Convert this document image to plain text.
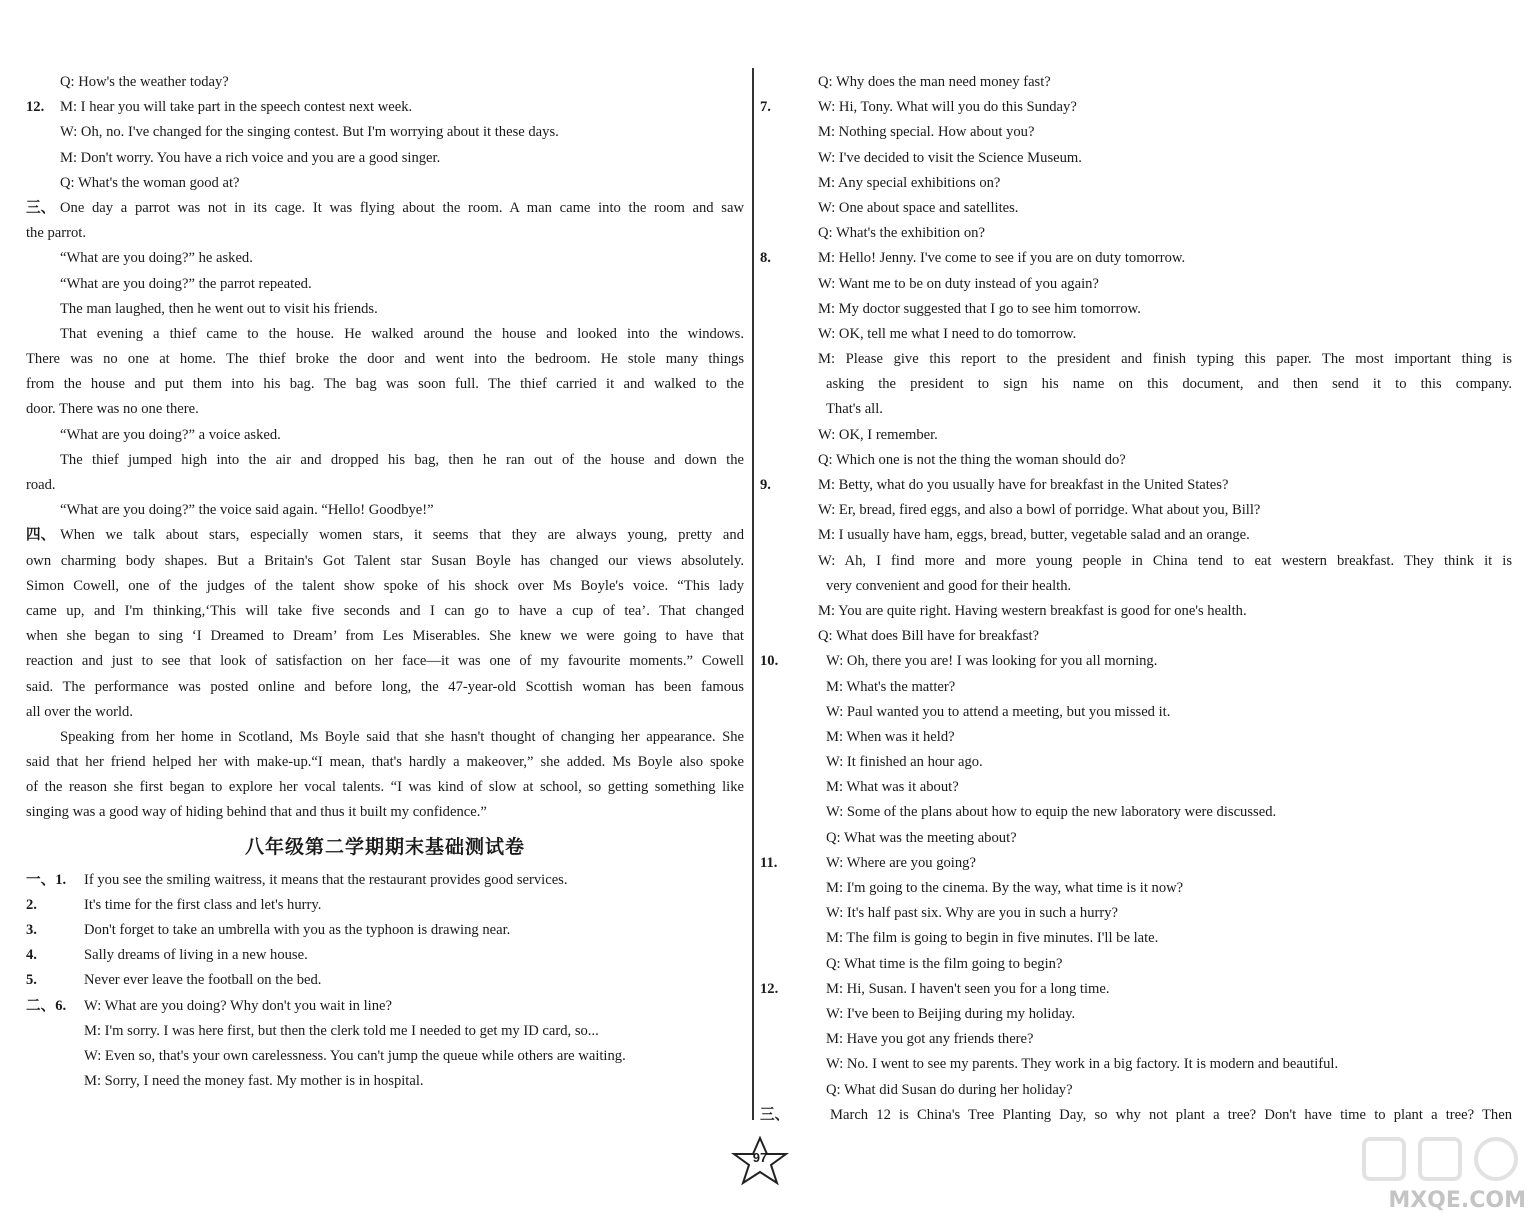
Q: How's the weather today?
12. M: I hear you will take part in the speech contest next week.
W: Oh, no. I've changed for the singing contest. But I'm worrying about it these days.
M: Don't worry. You have a rich voice and you are a good singer.
Q: What's the woman good at?
三、 One day a parrot was not in its cage. It was flying about the room. A man came into the room and saw
the parrot.
“What are you doing?” he asked.
“What are you doing?” the parrot repeated.
The man laughed, then he went out to visit his friends.
That evening a thief came to the house. He walked around the house and looked into the windows.
There was no one at home. The thief broke the door and went into the bedroom. He stole many things
from the house and put them into his bag. The bag was soon full. The thief carried it and walked to the
door. There was no one there.
“What are you doing?” a voice asked.
The thief jumped high into the air and dropped his bag, then he ran out of the house and down the
road.
“What are you doing?” the voice said again. “Hello! Goodbye!”
四、 When we talk about stars, especially women stars, it seems that they are always young, pretty and
own charming body shapes. But a Britain's Got Talent star Susan Boyle has changed our views absolutely.
Simon Cowell, one of the judges of the talent show spoke of his shock over Ms Boyle's voice. “This lady
came up, and I'm thinking,‘This will take five seconds and I can go to have a cup of tea’. That changed
when she began to sing ‘I Dreamed to Dream’ from Les Miserables. She knew we were going to have that
reaction and just to see that look of satisfaction on her face—it was one of my favourite moments.” Cowell
said. The performance was posted online and before long, the 47-year-old Scottish woman has been famous
all over the world.
Speaking from her home in Scotland, Ms Boyle said that she hasn't thought of changing her appearance. She
said that her friend helped her with make-up.“I mean, that's hardly a makeover,” she added. Ms Boyle also spoke
of the reason she first began to explore her vocal talents. “I was kind of slow at school, so getting something like
singing was a good way of hiding behind that and thus it built my confidence.”
八年级第二学期期末基础测试卷
一、1. If you see the smiling waitress, it means that the restaurant provides good services.
2.	It's time for the first class and let's hurry.
3.	Don't forget to take an umbrella with you as the typhoon is drawing near.
4.	Sally dreams of living in a new house.
5.	Never ever leave the football on the bed.
二、6. W: What are you doing? Why don't you wait in line?
M: I'm sorry. I was here first, but then the clerk told me I needed to get my ID card, so...
W: Even so, that's your own carelessness. You can't jump the queue while others are waiting.
M: Sorry, I need the money fast. My mother is in hospital.
Q: Why does the man need money fast?
7.	W: Hi, Tony. What will you do this Sunday?
M: Nothing special. How about you?
W: I've decided to visit the Science Museum.
M: Any special exhibitions on?
W: One about space and satellites.
Q: What's the exhibition on?
8.	M: Hello! Jenny. I've come to see if you are on duty tomorrow.
W: Want me to be on duty instead of you again?
M: My doctor suggested that I go to see him tomorrow.
W: OK, tell me what I need to do tomorrow.
M: Please give this report to the president and finish typing this paper. The most important thing is
asking the president to sign his name on this document, and then send it to this company.
That's all.
W: OK, I remember.
Q: Which one is not the thing the woman should do?
9.	M: Betty, what do you usually have for breakfast in the United States?
W: Er, bread, fired eggs, and also a bowl of porridge. What about you, Bill?
M: I usually have ham, eggs, bread, butter, vegetable salad and an orange.
W: Ah, I find more and more young people in China tend to eat western breakfast. They think it is
very convenient and good for their health.
M: You are quite right. Having western breakfast is good for one's health.
Q: What does Bill have for breakfast?
10.	W: Oh, there you are! I was looking for you all morning.
M: What's the matter?
W: Paul wanted you to attend a meeting, but you missed it.
M: When was it held?
W: It finished an hour ago.
M: What was it about?
W: Some of the plans about how to equip the new laboratory were discussed.
Q: What was the meeting about?
11.	W: Where are you going?
M: I'm going to the cinema. By the way, what time is it now?
W: It's half past six. Why are you in such a hurry?
M: The film is going to begin in five minutes. I'll be late.
Q: What time is the film going to begin?
12.	M: Hi, Susan. I haven't seen you for a long time.
W: I've been to Beijing during my holiday.
M: Have you got any friends there?
W: No. I went to see my parents. They work in a big factory. It is modern and beautiful.
Q: What did Susan do during her holiday?
三、	March 12 is China's Tree Planting Day, so why not plant a tree? Don't have time to plant a tree? Then
97
MXQE.COM
